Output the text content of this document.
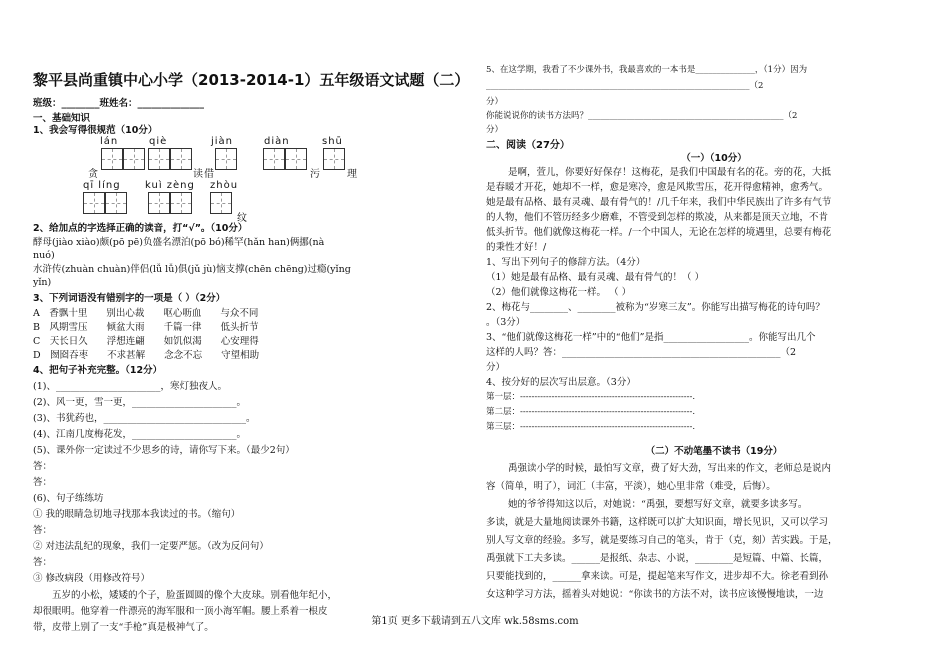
黎平县尚重镇中心小学（2013-2014-1）五年级语文试题（二）
班级：________班姓名：______________
一、基础知识
1、我会写得很规范（10分）
lán	qiè	jiàn	diàn	shū
贪	读 借	污	理
qī líng kuì zèng zhòu
纹
2、给加点的字选择正确的读音，打“√”。（10分）
酵母(jiào xiào)颇(pō pē)负盛名漂泊(pō bó)稀罕(hǎn han)俩挪(nà
nuó)
水浒传(zhuàn chuàn)伴侣(lǚ lǚ)俱(jǔ jù)恼支撑(chēn chēng)过瘾(yǐng
yǐn)
3、下列词语没有错别字的一项是（ ）（2分）
A　香飘十里　　别出心裁　　呕心呖血　　与众不同
B　风期雪压　　倾盆大雨　　千篇一律　　低头折节
C　天长日久　　浮想连翩　　如饥似渴　　心安理得
D　囫囵吞枣　　不求甚解　　念念不忘　　守望相助
4、把句子补充完整。（12分）
(1)、______________________，寒灯独夜人。
(2)、风一更，雪一更，______________________。
(3)、书犹药也，______________________________。
(4)、江南几度梅花发，______________________。
(5)、课外你一定读过不少思乡的诗，请你写下来。（最少2句）
答：
答：
(6)、句子练练坊
① 我的眼睛急切地寻找那本我读过的书。（缩句）
答：
② 对违法乱纪的现象，我们一定要严惩。（改为反问句）
答：
③ 修改病段（用修改符号）
五岁的小松，矮矮的个子，脸蛋圆圆的像个大皮球。别看他年纪小，
却很眼明。他穿着一件漂亮的海军服和一顶小海军帽。腰上系着一根皮
带，皮带上别了一支“手枪”真是极神气了。
5、在这学期，我看了不少课外书，我最喜欢的一本书是______________，（1分）因为
______________________________________________________________（2
分）
你能说说你的读书方法吗？______________________________________________（2
分）
二、阅读（27分）
（一）（10分）
是啊，萱儿，你要好好保存！这梅花，是我们中国最有名的花。旁的花，大抵
是春暖才开花，她却不一样，愈是寒冷，愈是风欺雪压，花开得愈精神，愈秀气。
她是最有品格、最有灵魂、最有骨气的！/几千年来，我们中华民族出了许多有气节
的人物，他们不管历经多少磨难，不管受到怎样的欺凌，从来都是顶天立地，不肯
低头折节。他们就像这梅花一样。/一个中国人，无论在怎样的境遇里，总要有梅花
的秉性才好！/
1、写出下列句子的修辞方法。（4分）
（1）她是最有品格、最有灵魂、最有骨气的！（ ）
（2）他们就像这梅花一样。 （ ）
2、梅花与________、________被称为“岁寒三友”。你能写出描写梅花的诗句吗？
。（3分）
3、“他们就像这梅花一样”中的“他们”是指__________________。你能写出几个
这样的人吗？答：______________________________________________（2
分）
4、按分好的层次写出层意。（3分）
第一层：------------------------------------------------------------.
第二层：------------------------------------------------------------.
第三层：------------------------------------------------------------.
（二）不动笔墨不读书（19分）
禹强读小学的时候，最怕写文章，费了好大劲，写出来的作文，老师总是说内
容（简单，明了），词汇（丰富，平淡），她心里非常（难受，后悔）。
她的爷爷得知这以后，对她说：“禹强，要想写好文章，就要多读多写。
多读，就是大量地阅读课外书籍，这样既可以扩大知识面，增长见识，又可以学习
别人写文章的经验。多写，就是要练习自己的笔头，肯于（克，刻）苦实践。于是，
禹强就下工夫多读。______是报纸、杂志、小说，________是短篇、中篇、长篇，
只要能找到的，______拿来读。可是，提起笔来写作文，进步却不大。徐老看到孙
女这种学习方法，摇着头对她说：“你读书的方法不对，读书应该慢慢地读，一边
第1页 更多下载请到五八文库 wk.58sms.com
